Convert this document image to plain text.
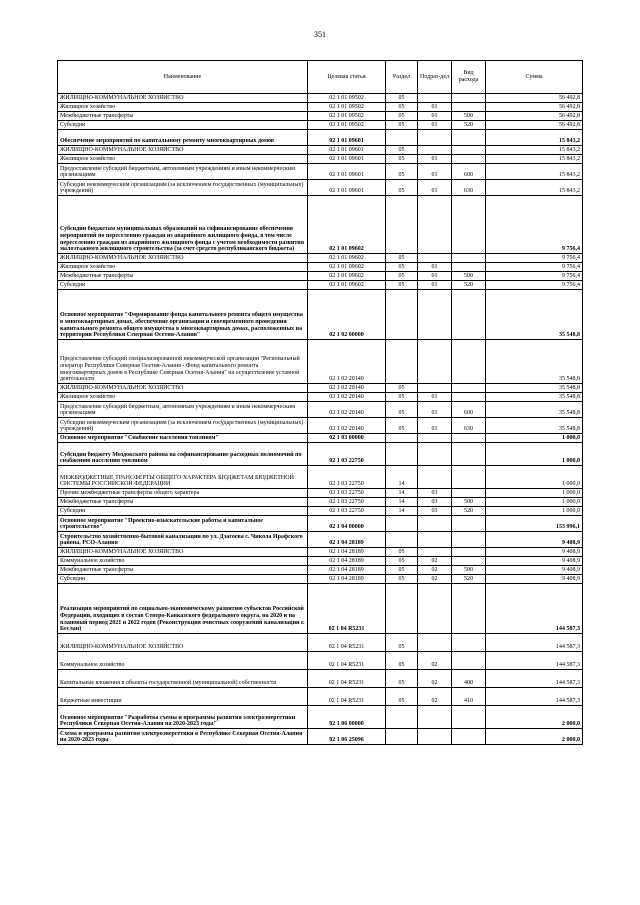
351
Наименование	Целевая статья	Раздел	Подраз-дел	Вид расхода	Сумма
ЖИЛИЩНО-КОММУНАЛЬНОЕ ХОЗЯЙСТВО	02 1 01 09502	05			56 492,8
Жилищное хозяйство	02 1 01 09502	05	01		56 492,8
Межбюджетные трансферты	02 1 01 09502	05	01	500	56 492,8
Субсидии	02 1 01 09502	05	01	520	56 492,8
Обеспечение мероприятий по капитальному ремонту многоквартирных домов	02 1 01 09601				15 843,2
ЖИЛИЩНО-КОММУНАЛЬНОЕ ХОЗЯЙСТВО	02 1 01 09601	05			15 843,2
Жилищное хозяйство	02 1 01 09601	05	01		15 843,2
Предоставление субсидий бюджетным, автономным учреждениям и иным некоммерческим организациям	02 1 01 09601	05	01	600	15 843,2
Субсидии некоммерческим организациям (за исключением государственных (муниципальных) учреждений)	02 1 01 09601	05	01	630	15 843,2
Субсидии бюджетам муниципальных образований на софинансирование обеспечения мероприятий по переселению граждан из аварийного жилищного фонда, в том числе переселению граждан из аварийного жилищного фонда с учетом необходимости развития малоэтажного жилищного строительства (за счет средств республиканского бюджета)	02 1 01 09602				9 756,4
ЖИЛИЩНО-КОММУНАЛЬНОЕ ХОЗЯЙСТВО	02 1 01 09602	05			9 756,4
Жилищное хозяйство	02 1 01 09602	05	01		9 756,4
Межбюджетные трансферты	02 1 01 09602	05	01	500	9 756,4
Субсидии	02 1 01 09602	05	01	520	9 756,4
Основное мероприятие "Формирование фонда капитального ремонта общего имущества в многоквартирных домах, обеспечение организации и своевременного проведения капитального ремонта общего имущества в многоквартирных домах, расположенных на территории Республики Северная Осетия-Алания"	02 1 02 00000				35 548,8
Предоставление субсидий специализированной некоммерческой организации "Региональный оператор Республики Северная Осетия-Алания - Фонд капитального ремонта многоквартирных домов в Республике Северная Осетия-Алания" на осуществление уставной деятельности	02 1 02 20140				35 548,8
ЖИЛИЩНО-КОММУНАЛЬНОЕ ХОЗЯЙСТВО	02 1 02 20140	05			35 548,8
Жилищное хозяйство	02 1 02 20140	05	01		35 548,8
Предоставление субсидий бюджетным, автономным учреждениям и иным некоммерческим организациям	02 1 02 20140	05	01	600	35 548,8
Субсидии некоммерческим организациям (за исключением государственных (муниципальных) учреждений)	02 1 02 20140	05	01	630	35 548,8
Основное мероприятие "Снабжение населения топливом"	02 1 03 00000				1 000,0
Субсидии бюджету Моздокского района на софинансирование расходных полномочий по снабжению населения топливом	02 1 03 22750				1 000,0
МЕЖБЮДЖЕТНЫЕ ТРАНСФЕРТЫ ОБЩЕГО ХАРАКТЕРА БЮДЖЕТАМ БЮДЖЕТНОЙ СИСТЕМЫ РОССИЙСКОЙ ФЕДЕРАЦИИ	02 1 03 22750	14			1 000,0
Прочие межбюджетные трансферты общего характера	02 1 03 22750	14	03		1 000,0
Межбюджетные трансферты	02 1 03 22750	14	03	500	1 000,0
Субсидии	02 1 03 22750	14	03	520	1 000,0
Основное мероприятие "Проектно-изыскательские работы и капитальное строительство"	02 1 04 00000				153 996,1
Строительство хозяйственно-бытовой канализации по ул. Дзагоева с. Чикола Ирафского района, РСО-Алания	02 1 04 28189				9 408,9
ЖИЛИЩНО-КОММУНАЛЬНОЕ ХОЗЯЙСТВО	02 1 04 28189	05			9 408,9
Коммунальное хозяйство	02 1 04 28189	05	02		9 408,9
Межбюджетные трансферты	02 1 04 28189	05	02	500	9 408,9
Субсидии	02 1 04 28189	05	02	520	9 408,9
Реализация мероприятий по социально-экономическому развитию субъектов Российской Федерации, входящих в состав Северо-Кавказского федерального округа, на 2020 и на плановый период 2021 и 2022 годов (Реконструкция очистных сооружений канализации г. Беслан)	02 1 04 R5231				144 587,3
ЖИЛИЩНО-КОММУНАЛЬНОЕ ХОЗЯЙСТВО	02 1 04 R5231	05			144 587,3
Коммунальное хозяйство	02 1 04 R5231	05	02		144 587,3
Капитальные вложения в объекты государственной (муниципальной) собственности	02 1 04 R5231	05	02	400	144 587,3
Бюджетные инвестиции	02 1 04 R5231	05	02	410	144 587,3
Основное мероприятие "Разработка схемы и программы развития электроэнергетики Республики Северная Осетия-Алания на 2020-2023 годы"	02 1 06 00000				2 000,0
Схема и программа развития электроэнергетики в Республике Северная Осетия-Алания на 2020-2023 годы	02 1 06 25096				2 000,0
